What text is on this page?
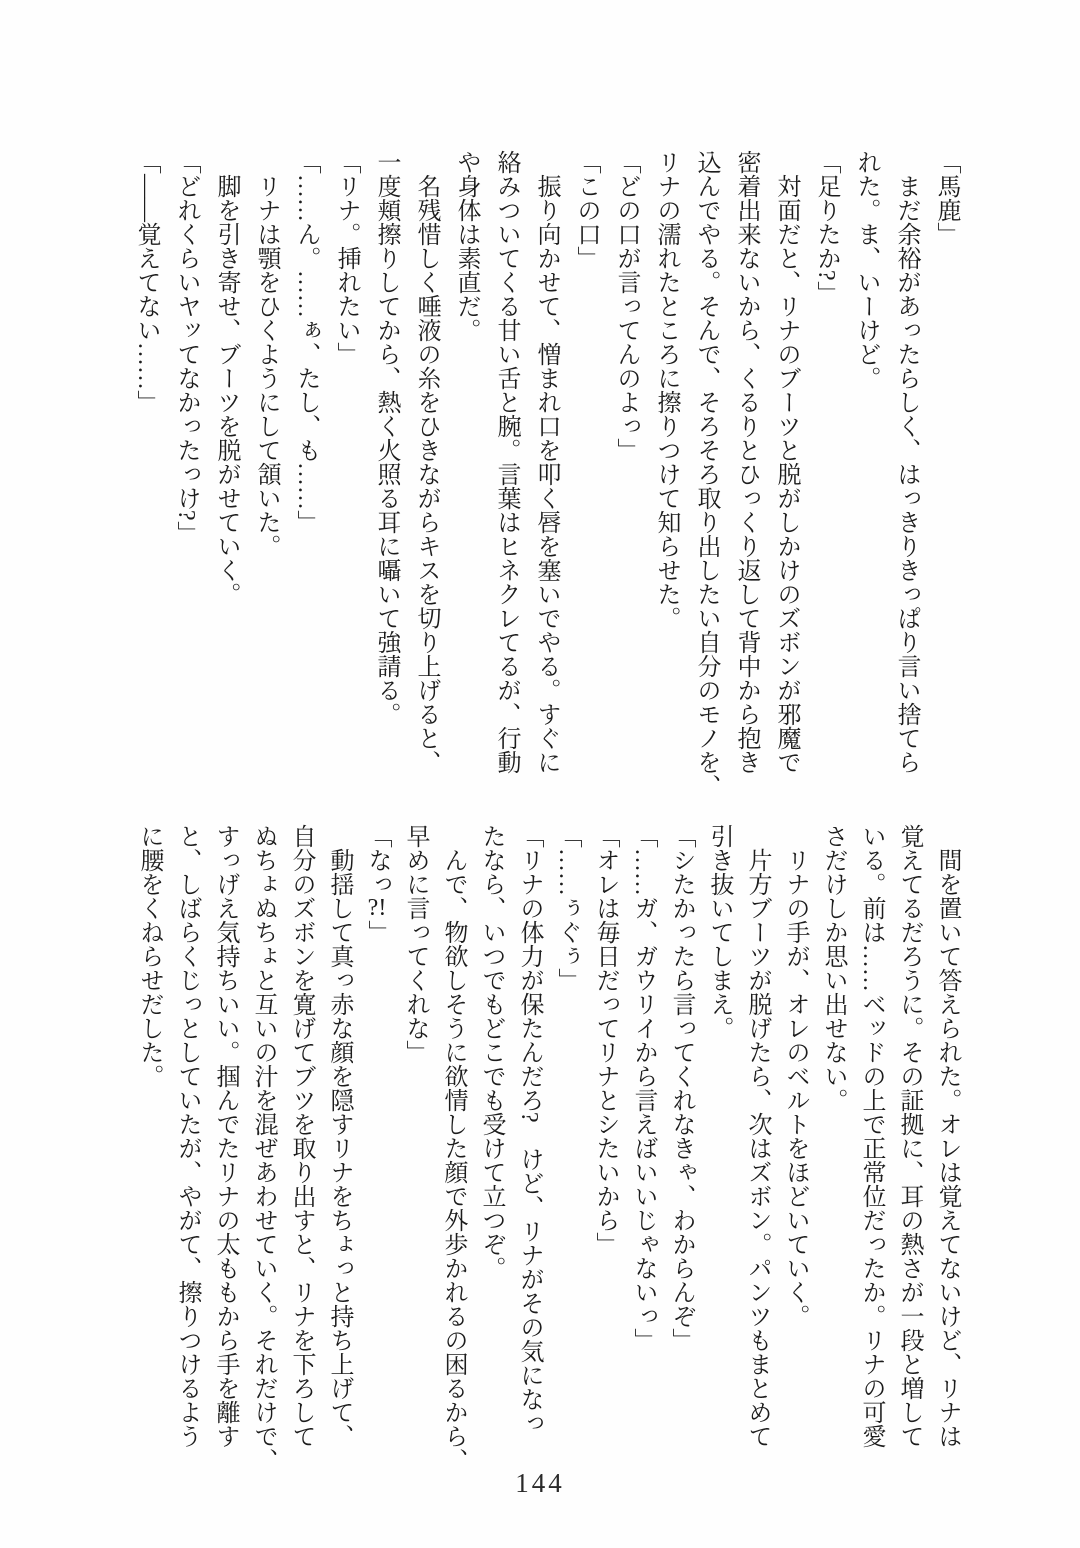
「馬鹿」

まだ余裕があったらしく、はっきりきっぱり言い捨てら

れた。ま、いーけど。

「足りたか?」

対面だと、リナのブーツと脱がしかけのズボンが邪魔で

密着出来ないから、くるりとひっくり返して背中から抱き

込んでやる。そんで、そろそろ取り出したい自分のモノを、

リナの濡れたところに擦りつけて知らせた。

「どの口が言ってんのよっ」

「この口」

振り向かせて、憎まれ口を叩く唇を塞いでやる。すぐに

絡みついてくる甘い舌と腕。言葉はヒネクレてるが、行動

や身体は素直だ。

名残惜しく唾液の糸をひきながらキスを切り上げると、

一度頬擦りしてから、熱く火照る耳に囁いて強請る。

「リナ。挿れたい」

「……ん。……ぁ、たし、も……」

リナは顎をひくようにして頷いた。

脚を引き寄せ、ブーツを脱がせていく。

「どれくらいヤッてなかったっけ?」

「——覚えてない……」

間を置いて答えられた。オレは覚えてないけど、リナは

覚えてるだろうに。その証拠に、耳の熱さが一段と増して

いる。前は……ベッドの上で正常位だったか。リナの可愛

さだけしか思い出せない。

リナの手が、オレのベルトをほどいていく。

片方ブーツが脱げたら、次はズボン。パンツもまとめて

引き抜いてしまえ。

「シたかったら言ってくれなきゃ、わからんぞ」

「……ガ、ガウリイから言えばいいじゃないっ」

「オレは毎日だってリナとシたいから」

「……ぅぐぅ」

「リナの体力が保たんだろ?　けど、リナがその気になっ

たなら、いつでもどこでも受けて立つぞ。

んで、物欲しそうに欲情した顔で外歩かれるの困るから、

早めに言ってくれな」

「なっ?!」

動揺して真っ赤な顔を隠すリナをちょっと持ち上げて、

自分のズボンを寛げてブツを取り出すと、リナを下ろして

ぬちょぬちょと互いの汁を混ぜあわせていく。それだけで、

すっげえ気持ちいい。掴んでたリナの太ももから手を離す

と、しばらくじっとしていたが、やがて、擦りつけるよう

に腰をくねらせだした。

144
